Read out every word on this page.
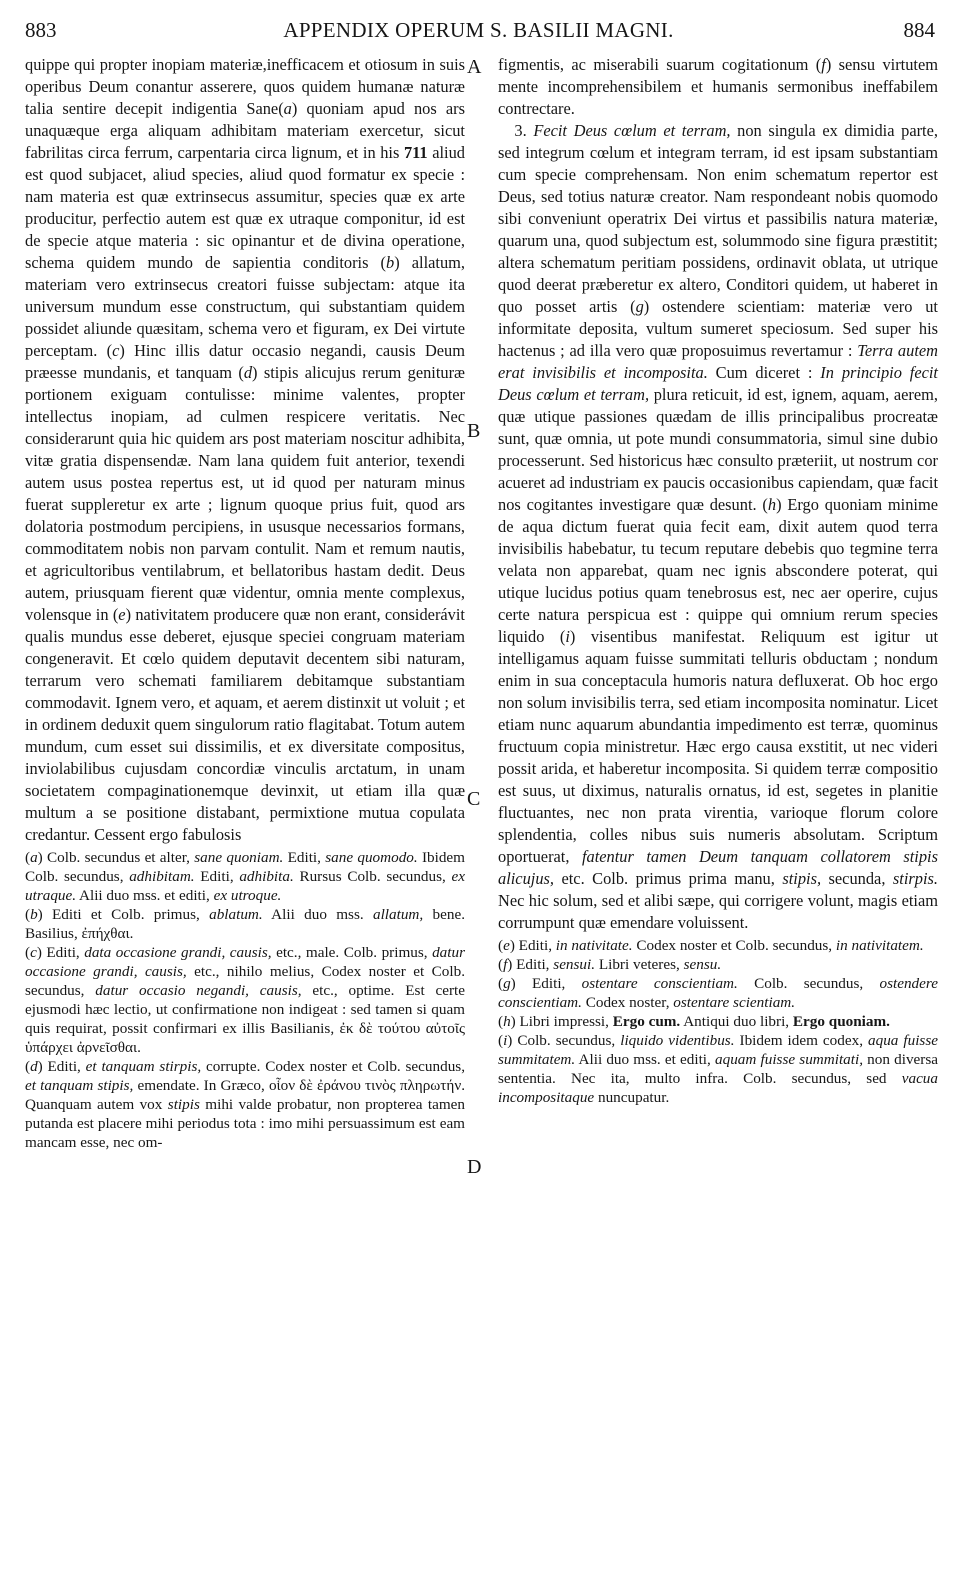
883	APPENDIX OPERUM S. BASILII MAGNI.	884

quippe qui propter inopiam materiæ,inefficacem et otiosum in suis operibus Deum conantur asserere, quos quidem humanæ naturæ talia sentire decepit indigentia Sane(a) quoniam apud nos ars unaquæque erga aliquam adhibitam materiam exercetur, sicut fabrilitas circa ferrum, carpentaria circa lignum, et in his 711 aliud est quod subjacet, aliud species, aliud quod formatur ex specie : nam materia est quæ extrinsecus assumitur, species quæ ex arte producitur, perfectio autem est quæ ex utraque componitur, id est de specie atque materia : sic opinantur et de divina operatione, schema quidem mundo de sapientia conditoris (b) allatum, materiam vero extrinsecus creatori fuisse subjectam: atque ita universum mundum esse constructum, qui substantiam quidem possidet aliunde quæsitam, schema vero et figuram, ex Dei virtute perceptam. (c) Hinc illis datur occasio negandi, causis Deum præesse mundanis, et tanquam (d) stipis alicujus rerum genituræ portionem exiguam contulisse: minime valentes, propter intellectus inopiam, ad culmen respicere veritatis. Nec considerarunt quia hic quidem ars post materiam noscitur adhibita, vitæ gratia dispensendæ. Nam lana quidem fuit anterior, texendi autem usus postea repertus est, ut id quod per naturam minus fuerat suppleretur ex arte ; lignum quoque prius fuit, quod ars dolatoria postmodum percipiens, in ususque necessarios formans, commoditatem nobis non parvam contulit. Nam et remum nautis, et agricultoribus ventilabrum, et bellatoribus hastam dedit. Deus autem, priusquam fierent quæ videntur, omnia mente complexus, volensque in (e) nativitatem producere quæ non erant, considerávit qualis mundus esse deberet, ejusque speciei congruam materiam congeneravit. Et cœlo quidem deputavit decentem sibi naturam, terrarum vero schemati familiarem debitamque substantiam commodavit. Ignem vero, et aquam, et aerem distinxit ut voluit ; et in ordinem deduxit quem singulorum ratio flagitabat. Totum autem mundum, cum esset sui dissimilis, et ex diversitate compositus, inviolabilibus cujusdam concordiæ vinculis arctatum, in unam societatem compaginationemque devinxit, ut etiam illa quæ multum a se positione distabant, permixtione mutua copulata credantur. Cessent ergo fabulosis

(a) Colb. secundus et alter, sane quoniam. Editi, sane quomodo. Ibidem Colb. secundus, adhibitam. Editi, adhibita. Rursus Colb. secundus, ex utraque. Alii duo mss. et editi, ex utroque.

(b) Editi et Colb. primus, ablatum. Alii duo mss. allatum, bene. Basilius, ἐπήχθαι.

(c) Editi, data occasione grandi, causis, etc., male. Colb. primus, datur occasione grandi, causis, etc., nihilo melius, Codex noster et Colb. secundus, datur occasio negandi, causis, etc., optime. Est certe ejusmodi hæc lectio, ut confirmatione non indigeat : sed tamen si quam quis requirat, possit confirmari ex illis Basilianis, ἐκ δὲ τούτου αὐτοῖς ὑπάρχει ἀρνεῖσθαι.

(d) Editi, et tanquam stirpis, corrupte. Codex noster et Colb. secundus, et tanquam stipis, emendate. In Græco, οἷον δὲ ἐράνου τινὸς πληρωτήν. Quanquam autem vox stipis mihi valde probatur, non propterea tamen putanda est placere mihi periodus tota : imo mihi persuassimum est eam mancam esse, nec om-

figmentis, ac miserabili suarum cogitationum (f) sensu virtutem mente incomprehensibilem et humanis sermonibus ineffabilem contrectare.
 3. Fecit Deus cœlum et terram, non singula ex dimidia parte, sed integrum cœlum et integram terram, id est ipsam substantiam cum specie comprehensam. Non enim schematum repertor est Deus, sed totius naturæ creator. Nam respondeant nobis quomodo sibi conveniunt operatrix Dei virtus et passibilis natura materiæ, quarum una, quod subjectum est, solummodo sine figura præstitit; altera schematum peritiam possidens, ordinavit oblata, ut utrique quod deerat præberetur ex altero, Conditori quidem, ut haberet in quo posset artis (g) ostendere scientiam: materiæ vero ut informitate deposita, vultum sumeret speciosum. Sed super his hactenus ; ad illa vero quæ proposuimus revertamur : Terra autem erat invisibilis et incomposita. Cum diceret : In principio fecit Deus cœlum et terram, plura reticuit, id est, ignem, aquam, aerem, quæ utique passiones quædam de illis principalibus procreatæ sunt, quæ omnia, ut pote mundi consummatoria, simul sine dubio processerunt. Sed historicus hæc consulto præteriit, ut nostrum cor acueret ad industriam ex paucis occasionibus capiendam, quæ facit nos cogitantes investigare quæ desunt. (h) Ergo quoniam minime de aqua dictum fuerat quia fecit eam, dixit autem quod terra invisibilis habebatur, tu tecum reputare debebis quo tegmine terra velata non apparebat, quam nec ignis abscondere poterat, qui utique lucidus potius quam tenebrosus est, nec aer operire, cujus certe natura perspicua est : quippe qui omnium rerum species liquido (i) visentibus manifestat. Reliquum est igitur ut intelligamus aquam fuisse summitati telluris obductam ; nondum enim in sua conceptacula humoris natura defluxerat. Ob hoc ergo non solum invisibilis terra, sed etiam incomposita nominatur. Licet etiam nunc aquarum abundantia impedimento est terræ, quominus fructuum copia ministretur. Hæc ergo causa exstitit, ut nec videri possit arida, et haberetur incomposita. Si quidem terræ compositio est suus, ut diximus, naturalis ornatus, id est, segetes in planitie fluctuantes, nec non prata virentia, varioque florum colore splendentia, colles nibus suis numeris absolutam. Scriptum oportuerat, fatentur tamen Deum tanquam collatorem stipis alicujus, etc. Colb. primus prima manu, stipis, secunda, stirpis. Nec hic solum, sed et alibi sæpe, qui corrigere volunt, magis etiam corrumpunt quæ emendare voluissent.

(e) Editi, in nativitate. Codex noster et Colb. secundus, in nativitatem.

(f) Editi, sensui. Libri veteres, sensu.

(g) Editi, ostentare conscientiam. Colb. secundus, ostendere conscientiam. Codex noster, ostentare scientiam.

(h) Libri impressi, Ergo cum. Antiqui duo libri, Ergo quoniam.

(i) Colb. secundus, liquido videntibus. Ibidem idem codex, aqua fuisse summitatem. Alii duo mss. et editi, aquam fuisse summitati, non diversa sententia. Nec ita, multo infra. Colb. secundus, sed vacua incompositaque nuncupatur.

A
B
C
D
